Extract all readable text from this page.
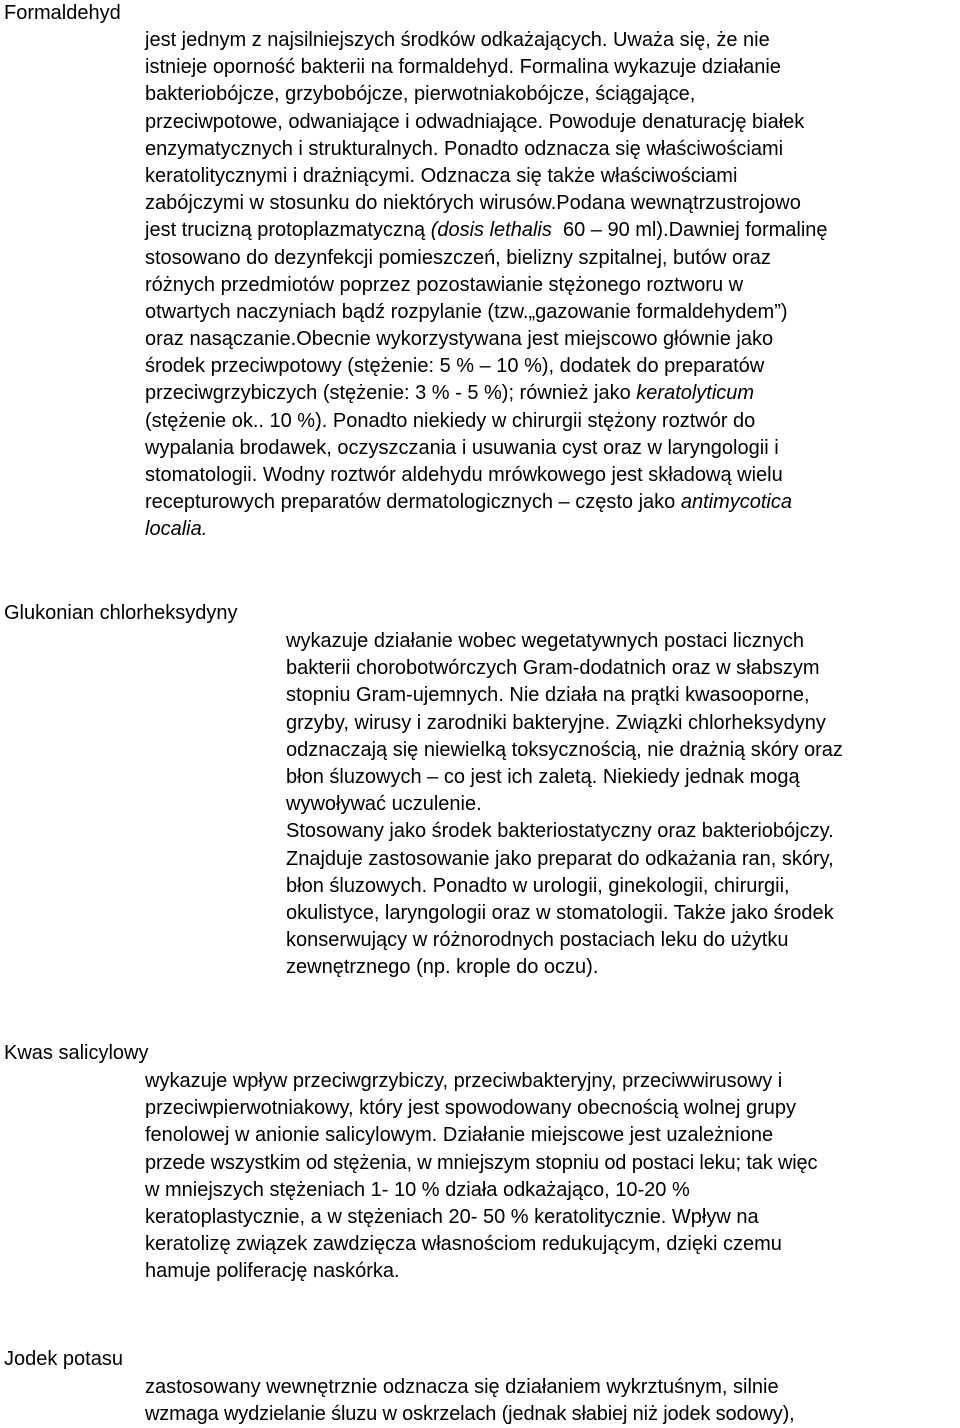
Formaldehyd
jest jednym z najsilniejszych środków odkażających. Uważa się, że nie
istnieje oporność bakterii na formaldehyd. Formalina wykazuje działanie
bakteriobójcze, grzybobójcze, pierwotniakobójcze, ściągające,
przeciwpotowe, odwaniające i odwadniające. Powoduje denaturację białek
enzymatycznych i strukturalnych. Ponadto odznacza się właściwościami
keratolitycznymi i drażniącymi. Odznacza się także właściwościami
zabójczymi w stosunku do niektórych wirusów.Podana wewnątrzustrojowo
jest trucizną protoplazmatyczną (dosis lethalis  60 – 90 ml).Dawniej formalinę
stosowano do dezynfekcji pomieszczeń, bielizny szpitalnej, butów oraz
różnych przedmiotów poprzez pozostawianie stężonego roztworu w
otwartych naczyniach bądź rozpylanie (tzw.„gazowanie formaldehydem”)
oraz nasączanie.Obecnie wykorzystywana jest miejscowo głównie jako
środek przeciwpotowy (stężenie: 5 % – 10 %), dodatek do preparatów
przeciwgrzybiczych (stężenie: 3 % - 5 %); również jako keratolyticum
(stężenie ok.. 10 %). Ponadto niekiedy w chirurgii stężony roztwór do
wypalania brodawek, oczyszczania i usuwania cyst oraz w laryngologii i
stomatologii. Wodny roztwór aldehydu mrówkowego jest składową wielu
recepturowych preparatów dermatologicznych – często jako antimycotica
localia.
Glukonian chlorheksydyny
wykazuje działanie wobec wegetatywnych postaci licznych
bakterii chorobotwórczych Gram-dodatnich oraz w słabszym
stopniu Gram-ujemnych. Nie działa na prątki kwasooporne,
grzyby, wirusy i zarodniki bakteryjne. Związki chlorheksydyny
odznaczają się niewielką toksycznością, nie drażnią skóry oraz
błon śluzowych – co jest ich zaletą. Niekiedy jednak mogą
wywoływać uczulenie.
Stosowany jako środek bakteriostatyczny oraz bakteriobójczy.
Znajduje zastosowanie jako preparat do odkażania ran, skóry,
błon śluzowych. Ponadto w urologii, ginekologii, chirurgii,
okulistyce, laryngologii oraz w stomatologii. Także jako środek
konserwujący w różnorodnych postaciach leku do użytku
zewnętrznego (np. krople do oczu).
Kwas salicylowy
wykazuje wpływ przeciwgrzybiczy, przeciwbakteryjny, przeciwwirusowy i
przeciwpierwotniakowy, który jest spowodowany obecnością wolnej grupy
fenolowej w anionie salicylowym. Działanie miejscowe jest uzależnione
przede wszystkim od stężenia, w mniejszym stopniu od postaci leku; tak więc
w mniejszych stężeniach 1- 10 % działa odkażająco, 10-20 %
keratoplastycznie, a w stężeniach 20- 50 % keratolitycznie. Wpływ na
keratolizę związek zawdzięcza własnościom redukującym, dzięki czemu
hamuje poliferację naskórka.
Jodek potasu
zastosowany wewnętrznie odznacza się działaniem wykrztuśnym, silnie
wzmaga wydzielanie śluzu w oskrzelach (jednak słabiej niż jodek sodowy),
